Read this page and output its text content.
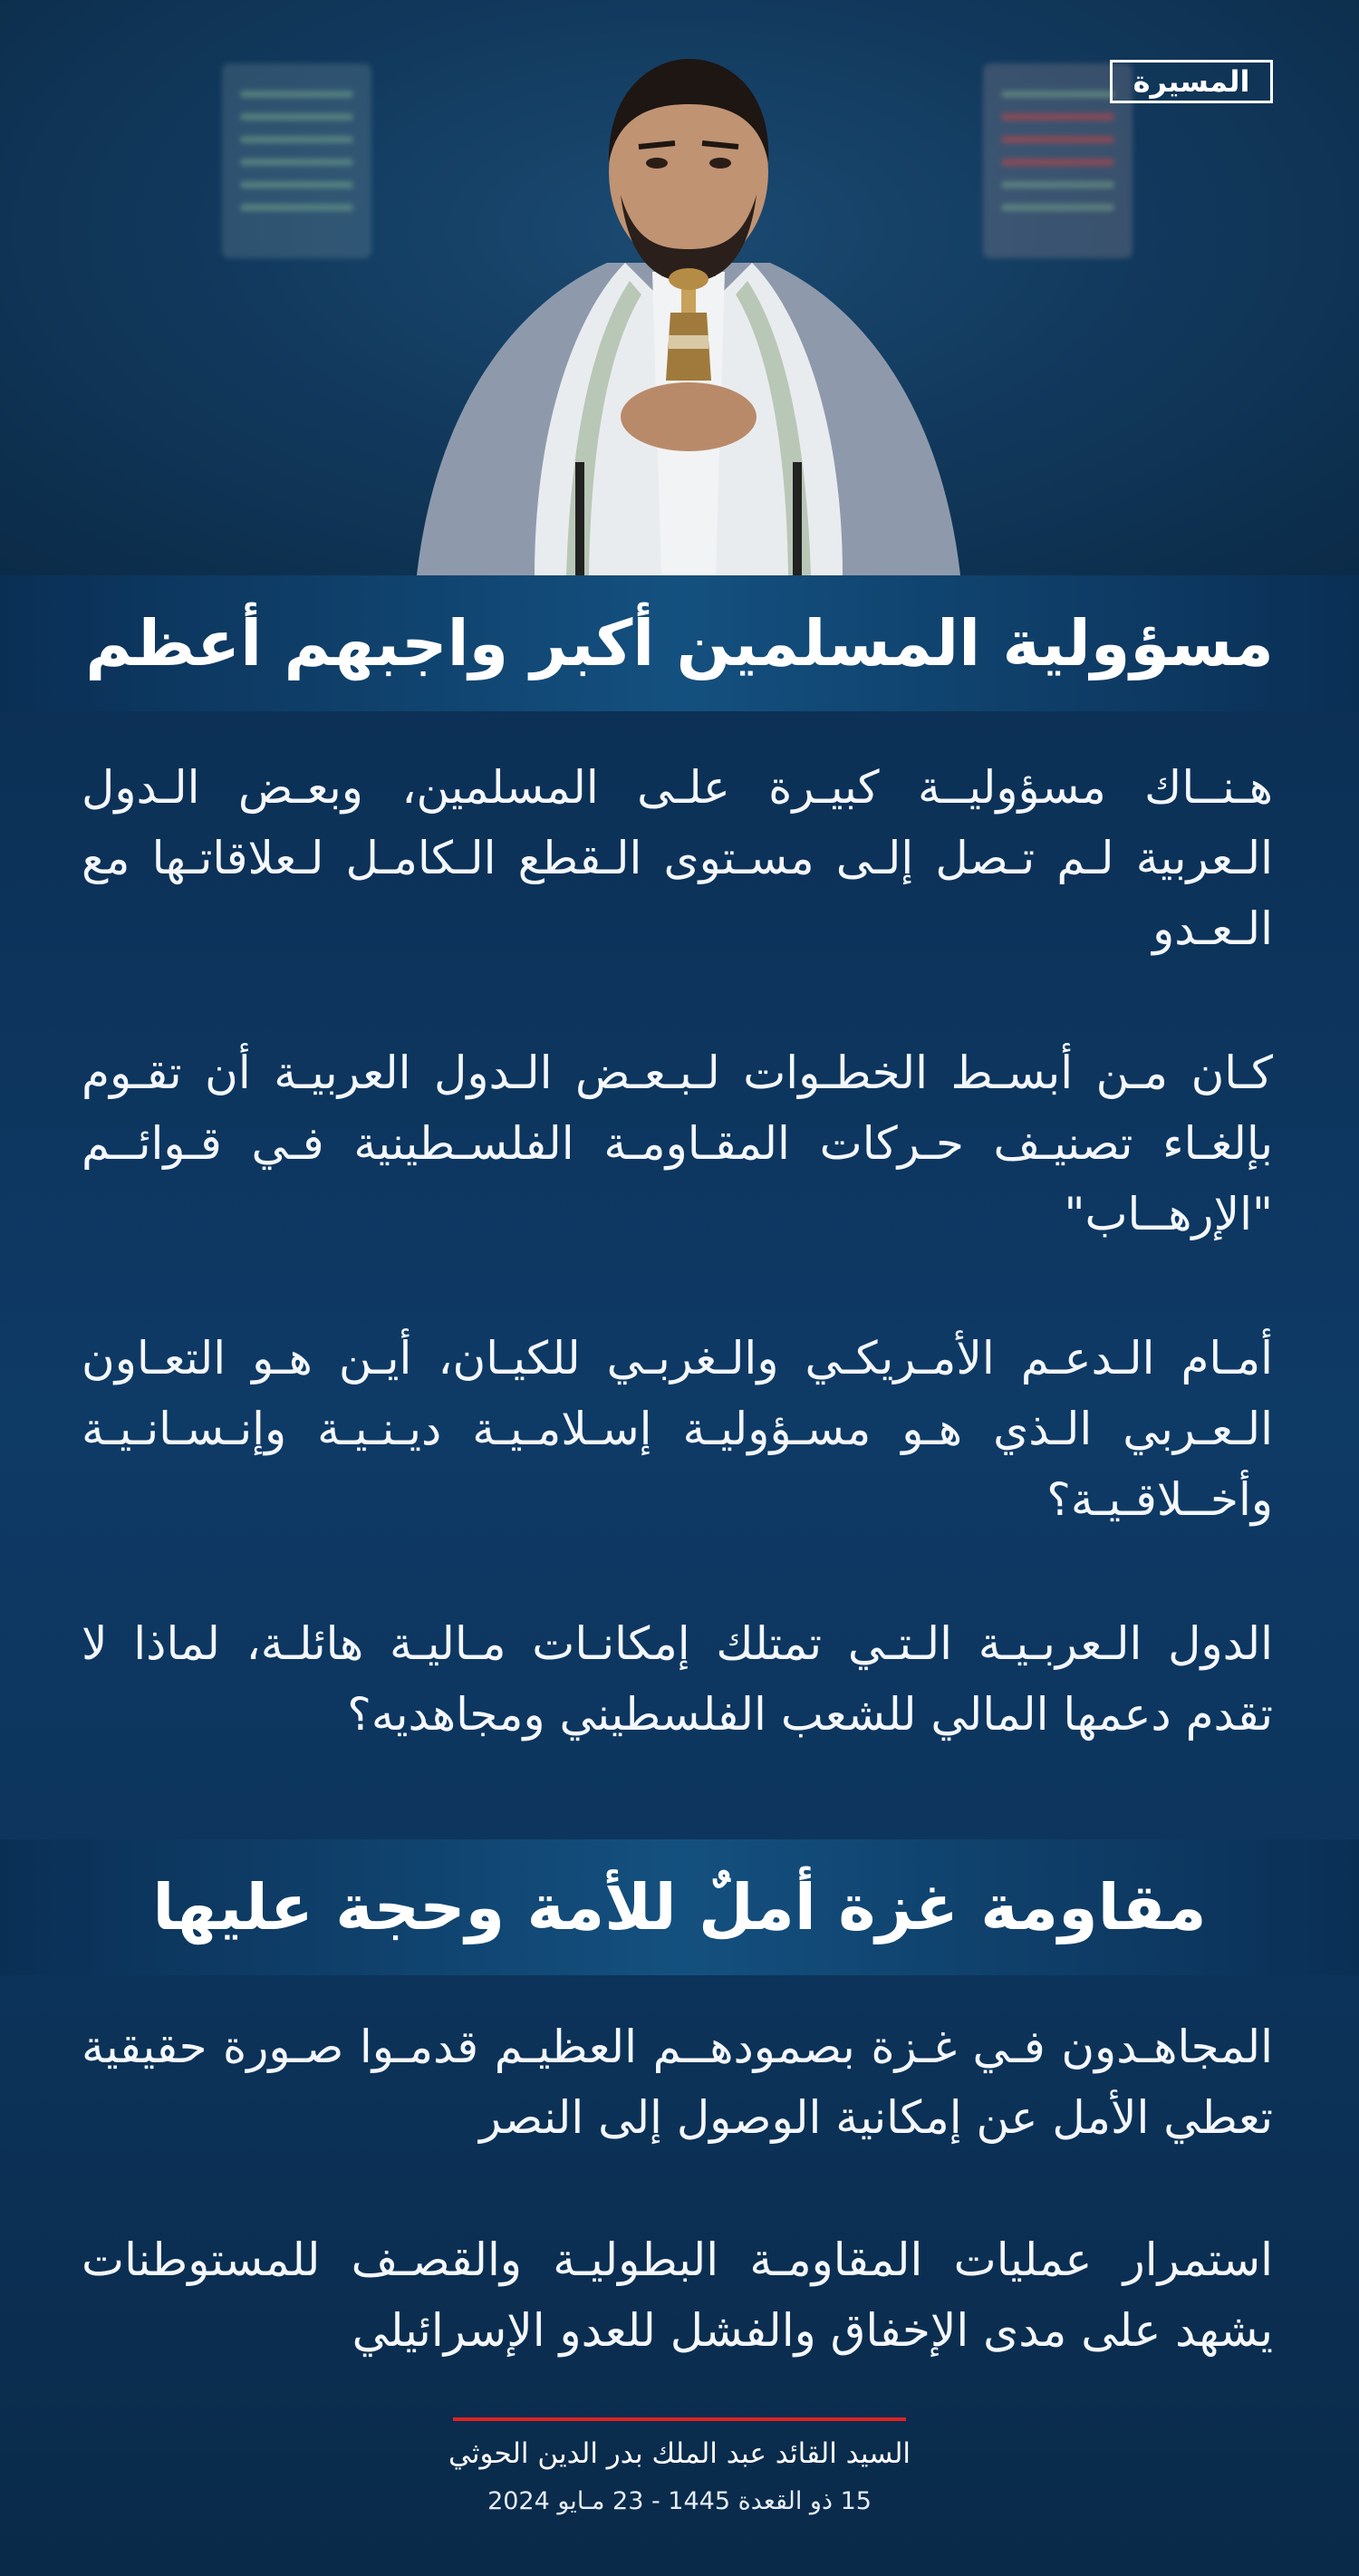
المسيرة
مسؤولية المسلمين أكبر واجبهم أعظم
هـنــاك مسؤوليــة كبيـرة علـى المسلمين، وبعـض الـدول الـعربية لـم تـصل إلـى مسـتوى الـقطع الـكامـل لـعلاقاتـها مع الـعـدو
كـان مـن أبسـط الخطـوات لـبـعـض الـدول العربيـة أن تقـوم بإلغـاء تصنيـف حـركات المقـاومـة الفلسـطينية فـي قـوائــم "الإرهــاب"
أمـام الـدعـم الأمـريكـي والـغربـي للكيـان، أيـن هـو التعـاون الـعـربي الـذي هـو مسـؤوليـة إسـلامـيـة ديـنـيـة وإنـسـانـيـة وأخــلاقـيـة؟
الدول الـعربـيـة الـتـي تمتلك إمكانـات مـاليـة هائلـة، لماذا لا تقدم دعمها المالي للشعب الفلسطيني ومجاهديه؟
مقاومة غزة أملٌ للأمة وحجة عليها
المجاهـدون فـي غـزة بصمودهــم العظيـم قدمـوا صـورة حقيقية تعطي الأمل عن إمكانية الوصول إلى النصر
استمرار عمليات المقاومـة البطوليـة والقصـف للمستوطنات يشهد على مدى الإخفاق والفشل للعدو الإسرائيلي
السيد القائد عبد الملك بدر الدين الحوثي
15 ذو القعدة 1445 - 23 مـايو 2024
